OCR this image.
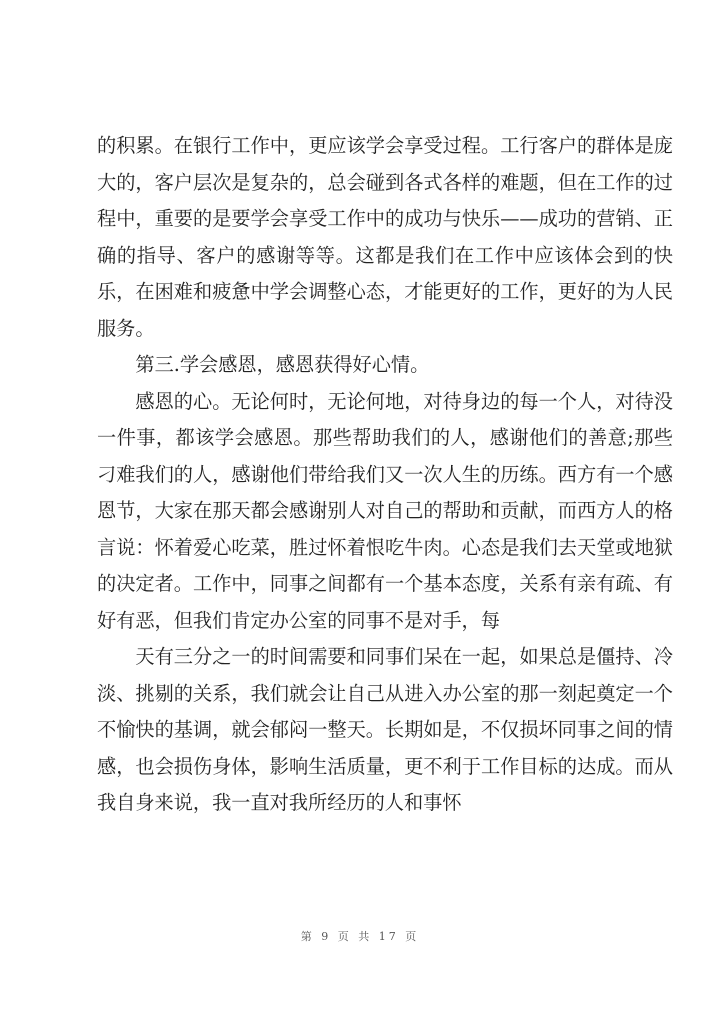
的积累。在银行工作中，更应该学会享受过程。工行客户的群体是庞大的，客户层次是复杂的，总会碰到各式各样的难题，但在工作的过程中，重要的是要学会享受工作中的成功与快乐——成功的营销、正确的指导、客户的感谢等等。这都是我们在工作中应该体会到的快乐，在困难和疲惫中学会调整心态，才能更好的工作，更好的为人民服务。

第三.学会感恩，感恩获得好心情。

感恩的心。无论何时，无论何地，对待身边的每一个人，对待没一件事，都该学会感恩。那些帮助我们的人，感谢他们的善意;那些刁难我们的人，感谢他们带给我们又一次人生的历练。西方有一个感恩节，大家在那天都会感谢别人对自己的帮助和贡献，而西方人的格言说：怀着爱心吃菜，胜过怀着恨吃牛肉。心态是我们去天堂或地狱的决定者。工作中，同事之间都有一个基本态度，关系有亲有疏、有好有恶，但我们肯定办公室的同事不是对手，每

天有三分之一的时间需要和同事们呆在一起，如果总是僵持、冷淡、挑剔的关系，我们就会让自己从进入办公室的那一刻起奠定一个不愉快的基调，就会郁闷一整天。长期如是，不仅损坏同事之间的情感，也会损伤身体，影响生活质量，更不利于工作目标的达成。而从我自身来说，我一直对我所经历的人和事怀

第 9 页 共 17 页
